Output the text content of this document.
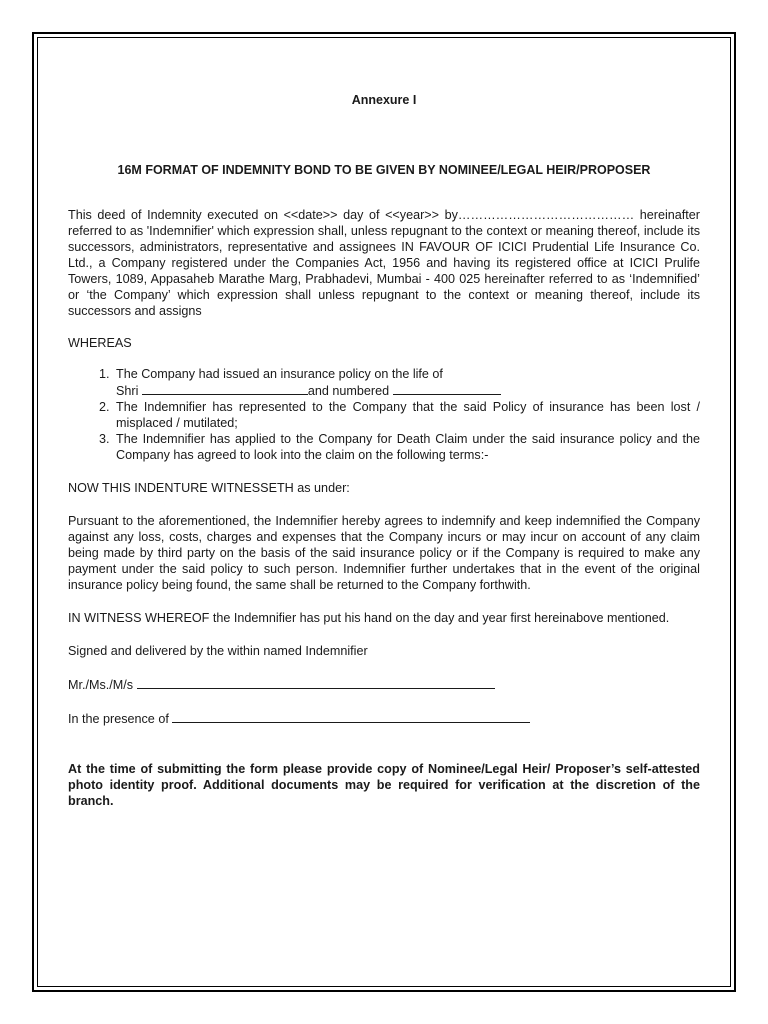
Annexure I

16M FORMAT OF INDEMNITY BOND TO BE GIVEN BY NOMINEE/LEGAL HEIR/PROPOSER

This deed of Indemnity executed on <<date>> day of <<year>> by…………………………………… hereinafter referred to as 'Indemnifier' which expression shall, unless repugnant to the context or meaning thereof, include its successors, administrators, representative and assignees IN FAVOUR OF ICICI Prudential Life Insurance Co. Ltd., a Company registered under the Companies Act, 1956 and having its registered office at ICICI Prulife Towers, 1089, Appasaheb Marathe Marg, Prabhadevi, Mumbai - 400 025 hereinafter referred to as ‘Indemnified’ or ‘the Company’ which expression shall unless repugnant to the context or meaning thereof, include its successors and assigns

WHEREAS

1. The Company had issued an insurance policy on the life of
Shri	and numbered
2. The Indemnifier has represented to the Company that the said Policy of insurance has been lost / misplaced / mutilated;
3. The Indemnifier has applied to the Company for Death Claim under the said insurance policy and the Company has agreed to look into the claim on the following terms:-

NOW THIS INDENTURE WITNESSETH as under:

Pursuant to the aforementioned, the Indemnifier hereby agrees to indemnify and keep indemnified the Company against any loss, costs, charges and expenses that the Company incurs or may incur on account of any claim being made by third party on the basis of the said insurance policy or if the Company is required to make any payment under the said policy to such person. Indemnifier further undertakes that in the event of the original insurance policy being found, the same shall be returned to the Company forthwith.

IN WITNESS WHEREOF the Indemnifier has put his hand on the day and year first hereinabove mentioned.

Signed and delivered by the within named Indemnifier

Mr./Ms./M/s

In the presence of

At the time of submitting the form please provide copy of Nominee/Legal Heir/ Proposer’s self-attested photo identity proof. Additional documents may be required for verification at the discretion of the branch.
